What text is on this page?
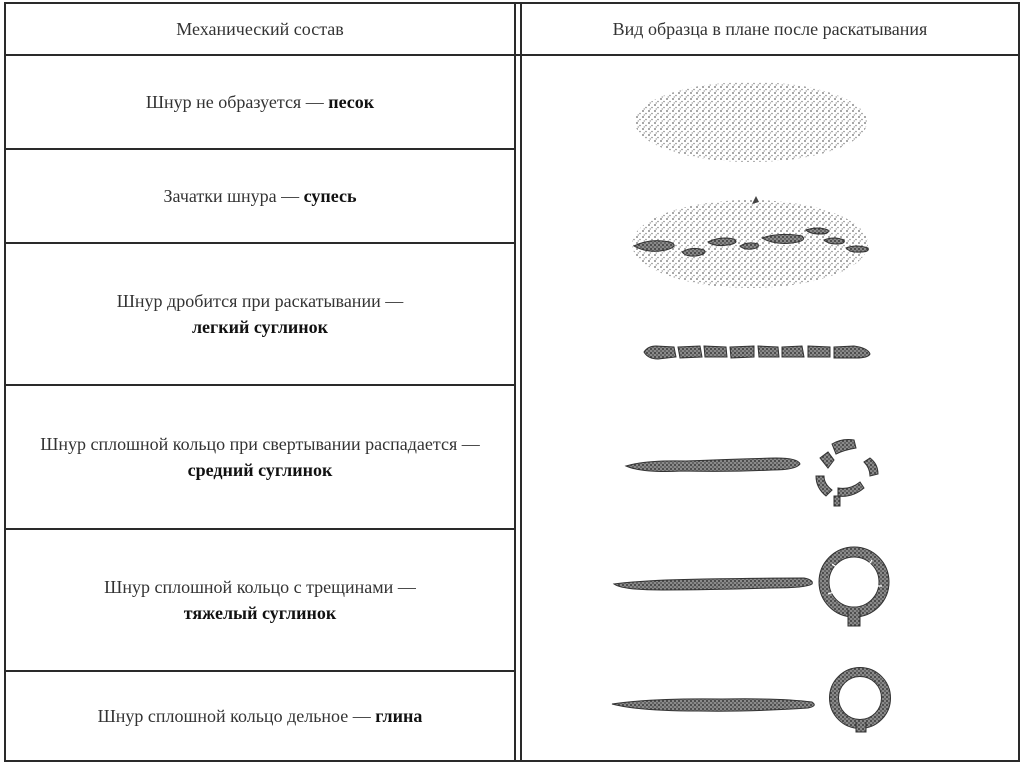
Механический состав	Вид образца в плане после раскатывания
Шнур не образуется — песок
Зачатки шнура — супесь
Шнур дробится при раскатывании —
легкий суглинок
Шнур сплошной кольцо при свертывании распадается — средний суглинок
Шнур сплошной кольцо с трещинами —
тяжелый суглинок
Шнур сплошной кольцо дельное — глина
